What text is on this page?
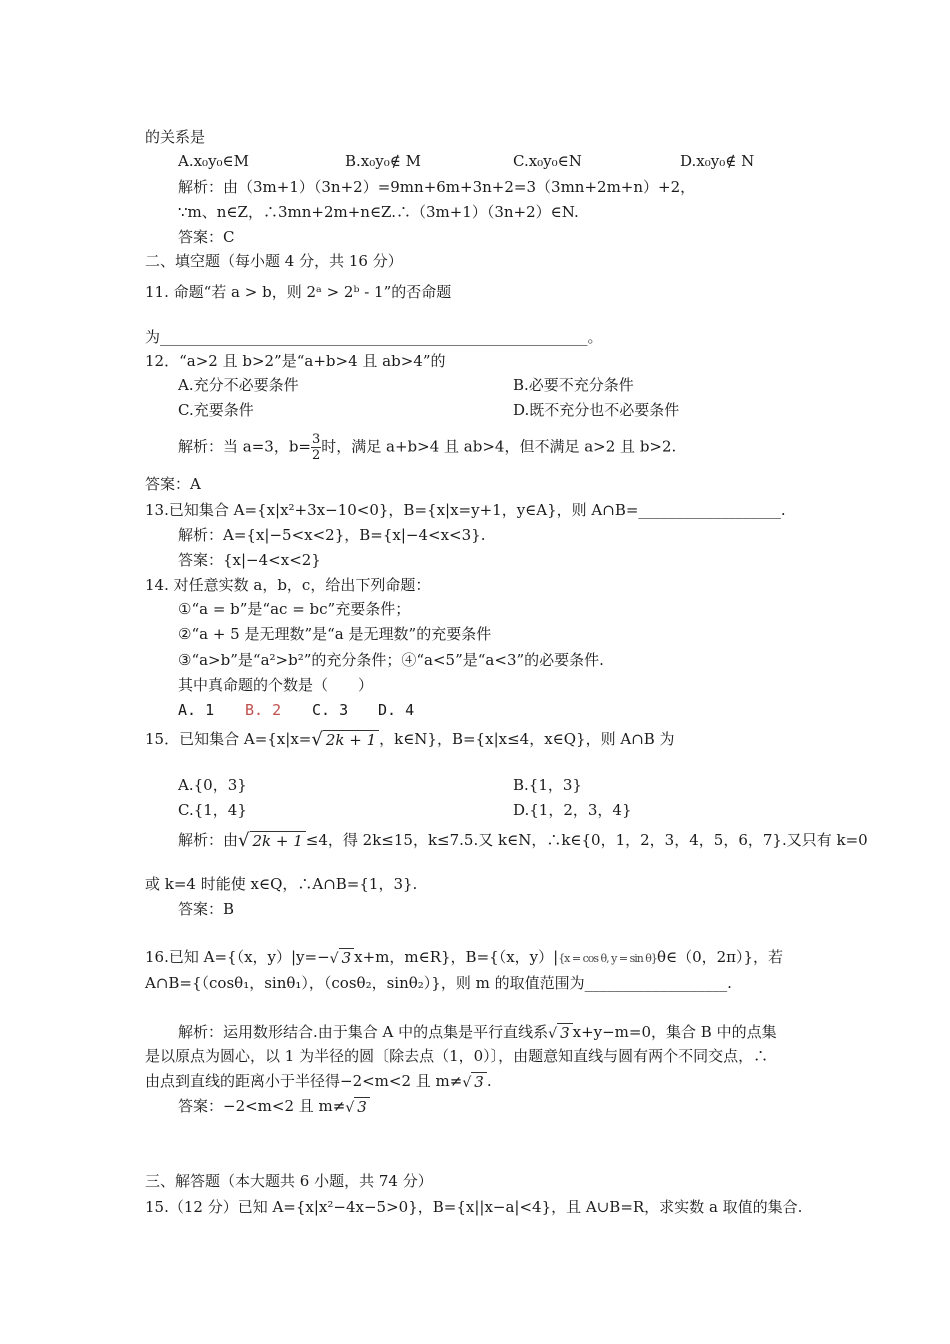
的关系是
A.x₀y₀∈M	B.x₀y₀∉ M	C.x₀y₀∈N	D.x₀y₀∉ N
解析：由（3m+1）（3n+2）=9mn+6m+3n+2=3（3mn+2m+n）+2，
∵m、n∈Z，∴3mn+2m+n∈Z.∴（3m+1）（3n+2）∈N.
答案：C
二、填空题（每小题 4 分，共 16 分）
11. 命题“若 a > b，则 2ᵃ > 2ᵇ - 1”的否命题
为_________________________________________________________。
12．“a>2 且 b>2”是“a+b>4 且 ab>4”的
A.充分不必要条件	B.必要不充分条件
C.充要条件	D.既不充分也不必要条件
解析：当 a=3，$b= \frac{3}{2}$ 时，满足 a+b>4 且 ab>4，但不满足 a>2 且 b>2.
答案：A
13.已知集合 A={x|x²+3x−10<0}，B={x|x=y+1，y∈A}，则 A∩B=___________________.
解析：A={x|−5<x<2}，B={x|−4<x<3}.
答案：{x|−4<x<2}
14. 对任意实数 a，b，c，给出下列命题：
①“a = b”是“ac = bc”充要条件；
②“a + 5 是无理数”是“a 是无理数”的充要条件
③“a>b”是“a²>b²”的充分条件；④“a<5”是“a<3”的必要条件.
其中真命题的个数是（　　）
A. 1 B. 2 C. 3 D. 4
15．已知集合 A={x|x=√ 2k + 1 ，k∈N}，B={x|x≤4，x∈Q}，则 A∩B 为
A.{0，3}	B.{1，3}
C.{1，4}	D.{1，2，3，4}
解析：由√ 2k + 1 ≤4，得 2k≤15，k≤7.5.又 k∈N，∴k∈{0，1，2，3，4，5，6，7}.又只有 k=0
或 k=4 时能使 x∈Q，∴A∩B={1，3}.
答案：B
16.已知 A={（x，y）|y=−√ 3 x+m，m∈R}，B={（x，y）|{x = cos θ, y = sin θ}θ∈（0，2π）}，若
A∩B={（cosθ₁，sinθ₁），（cosθ₂，sinθ₂）}，则 m 的取值范围为___________________.
解析：运用数形结合.由于集合 A 中的点集是平行直线系√ 3 x+y−m=0，集合 B 中的点集
是以原点为圆心，以 1 为半径的圆〔除去点（1，0）〕，由题意知直线与圆有两个不同交点，∴
由点到直线的距离小于半径得−2<m<2 且 m≠√ 3 .
答案：−2<m<2 且 m≠√ 3
三、解答题（本大题共 6 小题，共 74 分）
15.（12 分）已知 A={x|x²−4x−5>0}，B={x||x−a|<4}，且 A∪B=R，求实数 a 取值的集合.
